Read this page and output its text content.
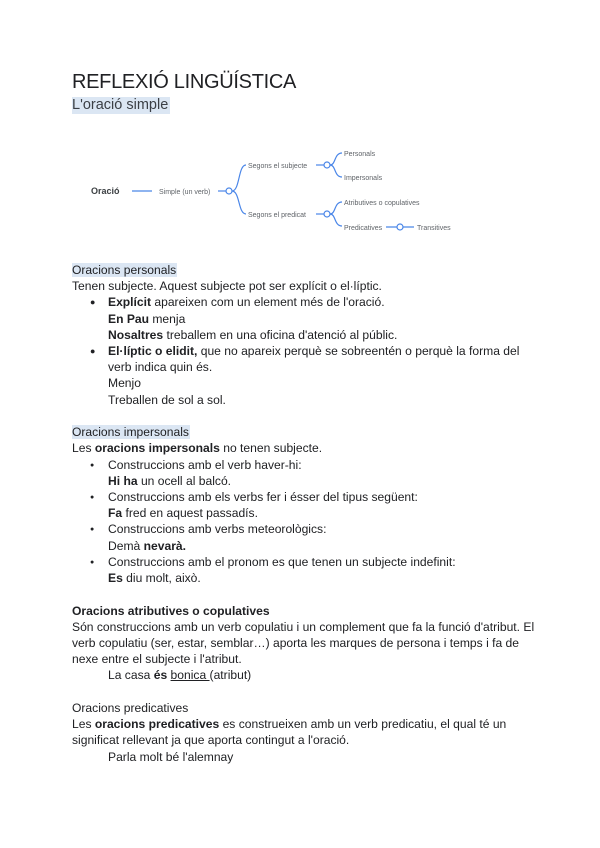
REFLEXIÓ LINGÜÍSTICA
L'oració simple
Oració	Simple (un verb)
Segons el subjecte
Segons el predicat
Personals
Impersonals
Atributives o copulatives
Predicatives	Transitives

Oracions personals

Tenen subjecte. Aquest subjecte pot ser explícit o el·líptic.

● Explícit apareixen com un element més de l'oració.
En Pau menja
Nosaltres treballem en una oficina d'atenció al públic.
● El·líptic o elidit, que no apareix perquè se sobreentén o perquè la forma del verb indica quin és.
Menjo
Treballen de sol a sol.

Oracions impersonals

Les oracions impersonals no tenen subjecte.

● Construccions amb el verb haver-hi:
Hi ha un ocell al balcó.
● Construccions amb els verbs fer i ésser del tipus següent:
Fa fred en aquest passadís.
● Construccions amb verbs meteorològics:
Demà nevarà.
● Construccions amb el pronom es que tenen un subjecte indefinit:
Es diu molt, això.

Oracions atributives o copulatives

Són construccions amb un verb copulatiu i un complement que fa la funció d'atribut. El verb copulatiu (ser, estar, semblar…) aporta les marques de persona i temps i fa de nexe entre el subjecte i l'atribut.

La casa és bonica (atribut)

Oracions predicatives

Les oracions predicatives es construeixen amb un verb predicatiu, el qual té un significat rellevant ja que aporta contingut a l'oració.

Parla molt bé l'alemnay
